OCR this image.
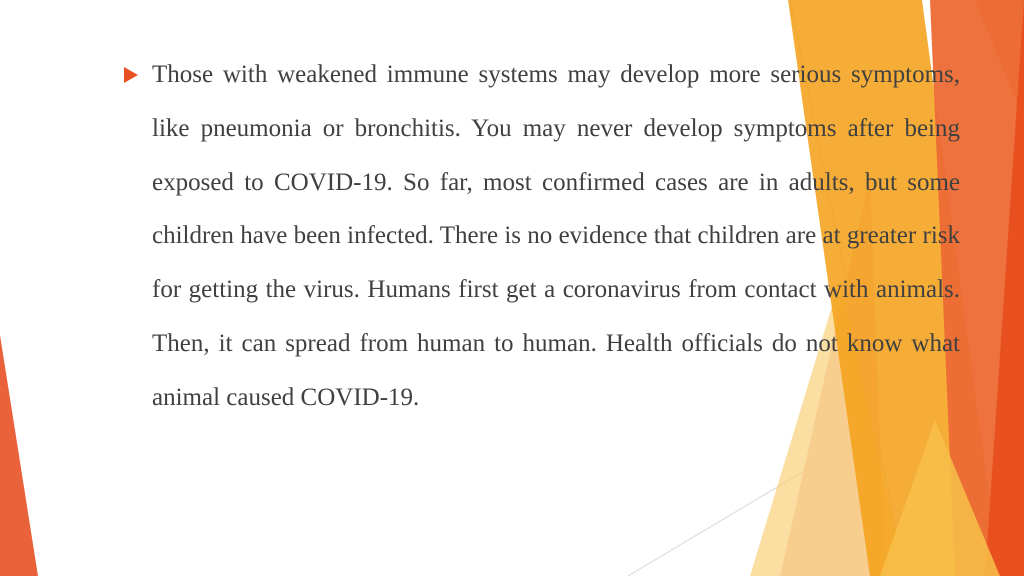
Those with weakened immune systems may develop more serious symptoms, like pneumonia or bronchitis. You may never develop symptoms after being exposed to COVID-19. So far, most confirmed cases are in adults, but some children have been infected. There is no evidence that children are at greater risk for getting the virus. Humans first get a coronavirus from contact with animals. Then, it can spread from human to human. Health officials do not know what animal caused COVID-19.
